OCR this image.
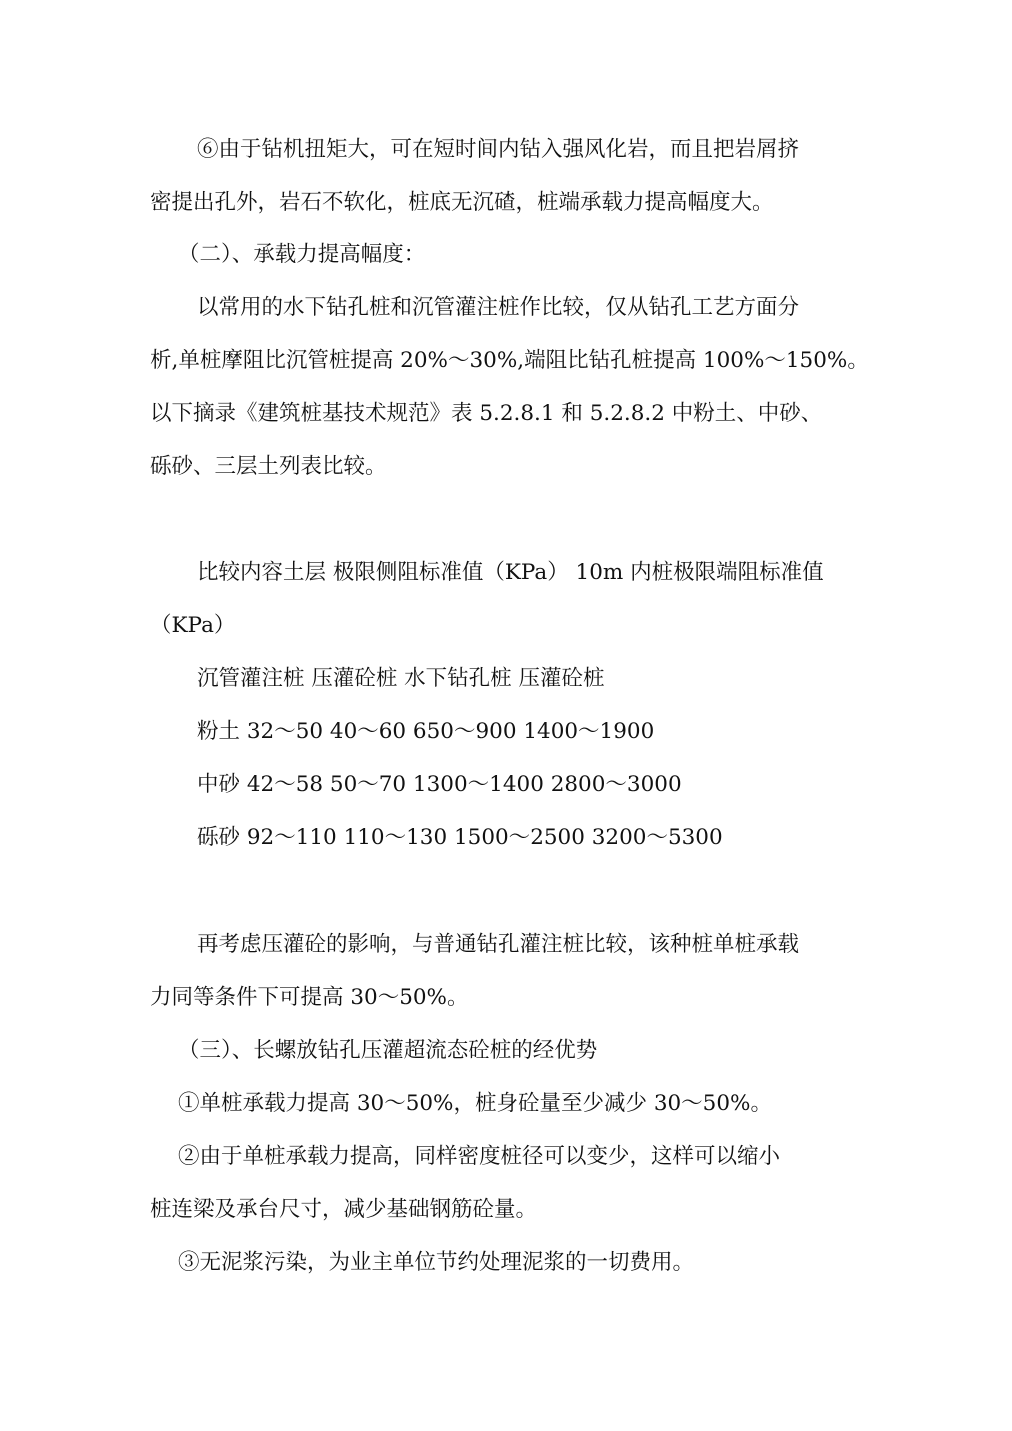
⑥由于钻机扭矩大，可在短时间内钻入强风化岩，而且把岩屑挤
密提出孔外，岩石不软化，桩底无沉碴，桩端承载力提高幅度大。
（二）、承载力提高幅度：
以常用的水下钻孔桩和沉管灌注桩作比较，仅从钻孔工艺方面分
析,单桩摩阻比沉管桩提高 20%～30%,端阻比钻孔桩提高 100%～150%。
以下摘录《建筑桩基技术规范》表 5.2.8.1 和 5.2.8.2 中粉土、中砂、
砾砂、三层土列表比较。
比较内容土层 极限侧阻标准值（KPa） 10m 内桩极限端阻标准值
（KPa）
沉管灌注桩 压灌砼桩 水下钻孔桩 压灌砼桩
粉土 32～50 40～60 650～900 1400～1900
中砂 42～58 50～70 1300～1400 2800～3000
砾砂 92～110 110～130 1500～2500 3200～5300
再考虑压灌砼的影响，与普通钻孔灌注桩比较，该种桩单桩承载
力同等条件下可提高 30～50%。
（三）、长螺放钻孔压灌超流态砼桩的经优势
①单桩承载力提高 30～50%，桩身砼量至少减少 30～50%。
②由于单桩承载力提高，同样密度桩径可以变少，这样可以缩小
桩连梁及承台尺寸，减少基础钢筋砼量。
③无泥浆污染，为业主单位节约处理泥浆的一切费用。
